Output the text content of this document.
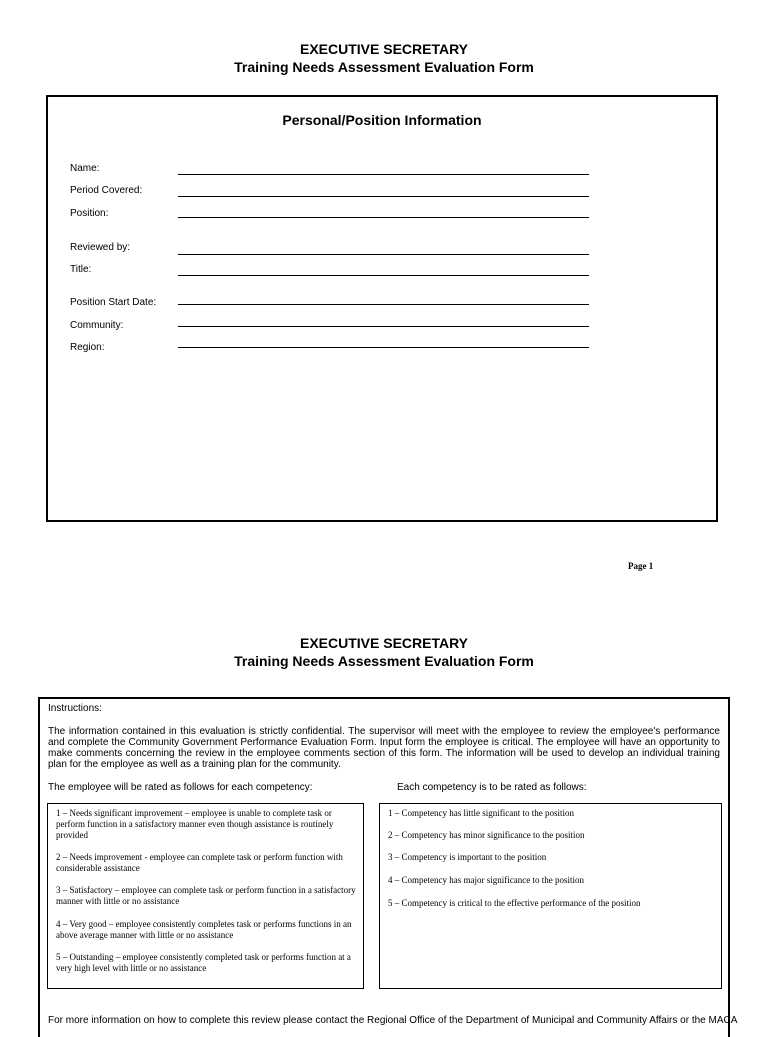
EXECUTIVE SECRETARY
Training Needs Assessment Evaluation Form
Personal/Position Information
Name:
Period Covered:
Position:
Reviewed by:
Title:
Position Start Date:
Community:
Region:
Page 1
EXECUTIVE SECRETARY
Training Needs Assessment Evaluation Form
Instructions:
The information contained in this evaluation is strictly confidential. The supervisor will meet with the employee to review the employee's performance and complete the Community Government Performance Evaluation Form. Input form the employee is critical. The employee will have an opportunity to make comments concerning the review in the employee comments section of this form. The information will be used to develop an individual training plan for the employee as well as a training plan for the community.
The employee will be rated as follows for each competency:	Each competency is to be rated as follows:
1 – Needs significant improvement – employee is unable to complete task or perform function in a satisfactory manner even though assistance is routinely provided
2 – Needs improvement - employee can complete task or perform function with considerable assistance
3 – Satisfactory – employee can complete task or perform function in a satisfactory manner with little or no assistance
4 – Very good – employee consistently completes task or performs functions in an above average manner with little or no assistance
5 – Outstanding – employee consistently completed task or performs function at a very high level with little or no assistance
1 – Competency has little significant to the position
2 – Competency has minor significance to the position
3 – Competency is important to the position
4 – Competency has major significance to the position
5 – Competency is critical to the effective performance of the position
For more information on how to complete this review please contact the Regional Office of the Department of Municipal and Community Affairs or the MACA
